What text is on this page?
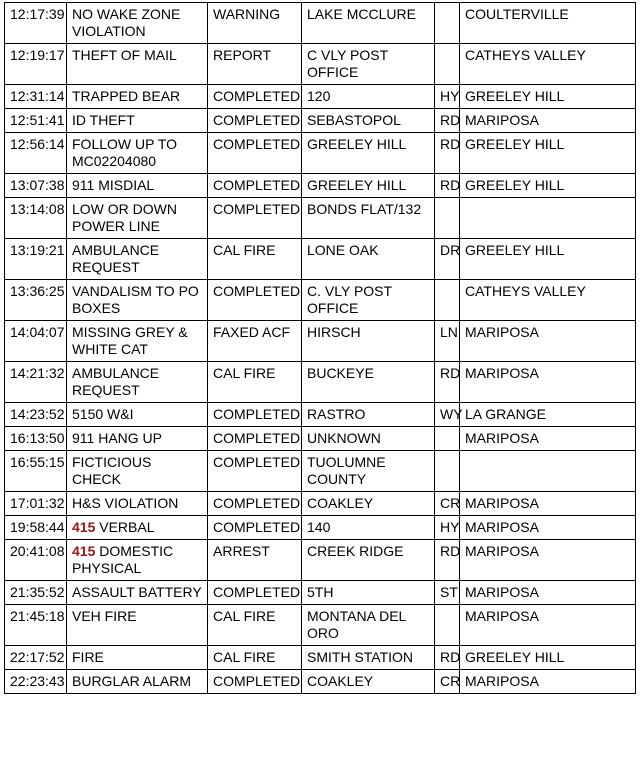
12:17:39	NO WAKE ZONE VIOLATION	WARNING	LAKE MCCLURE		COULTERVILLE
12:19:17	THEFT OF MAIL	REPORT	C VLY POST OFFICE		CATHEYS VALLEY
12:31:14	TRAPPED BEAR	COMPLETED	120	HY	GREELEY HILL
12:51:41	ID THEFT	COMPLETED	SEBASTOPOL	RD	MARIPOSA
12:56:14	FOLLOW UP TO MC02204080	COMPLETED	GREELEY HILL	RD	GREELEY HILL
13:07:38	911 MISDIAL	COMPLETED	GREELEY HILL	RD	GREELEY HILL
13:14:08	LOW OR DOWN POWER LINE	COMPLETED	BONDS FLAT/132		
13:19:21	AMBULANCE REQUEST	CAL FIRE	LONE OAK	DR	GREELEY HILL
13:36:25	VANDALISM TO PO BOXES	COMPLETED	C. VLY POST OFFICE		CATHEYS VALLEY
14:04:07	MISSING GREY & WHITE CAT	FAXED ACF	HIRSCH	LN	MARIPOSA
14:21:32	AMBULANCE REQUEST	CAL FIRE	BUCKEYE	RD	MARIPOSA
14:23:52	5150 W&I	COMPLETED	RASTRO	WY	LA GRANGE
16:13:50	911 HANG UP	COMPLETED	UNKNOWN		MARIPOSA
16:55:15	FICTICIOUS CHECK	COMPLETED	TUOLUMNE COUNTY		
17:01:32	H&S VIOLATION	COMPLETED	COAKLEY	CR	MARIPOSA
19:58:44	415 VERBAL	COMPLETED	140	HY	MARIPOSA
20:41:08	415 DOMESTIC PHYSICAL	ARREST	CREEK RIDGE	RD	MARIPOSA
21:35:52	ASSAULT BATTERY	COMPLETED	5TH	ST	MARIPOSA
21:45:18	VEH FIRE	CAL FIRE	MONTANA DEL ORO		MARIPOSA
22:17:52	FIRE	CAL FIRE	SMITH STATION	RD	GREELEY HILL
22:23:43	BURGLAR ALARM	COMPLETED	COAKLEY	CR	MARIPOSA
